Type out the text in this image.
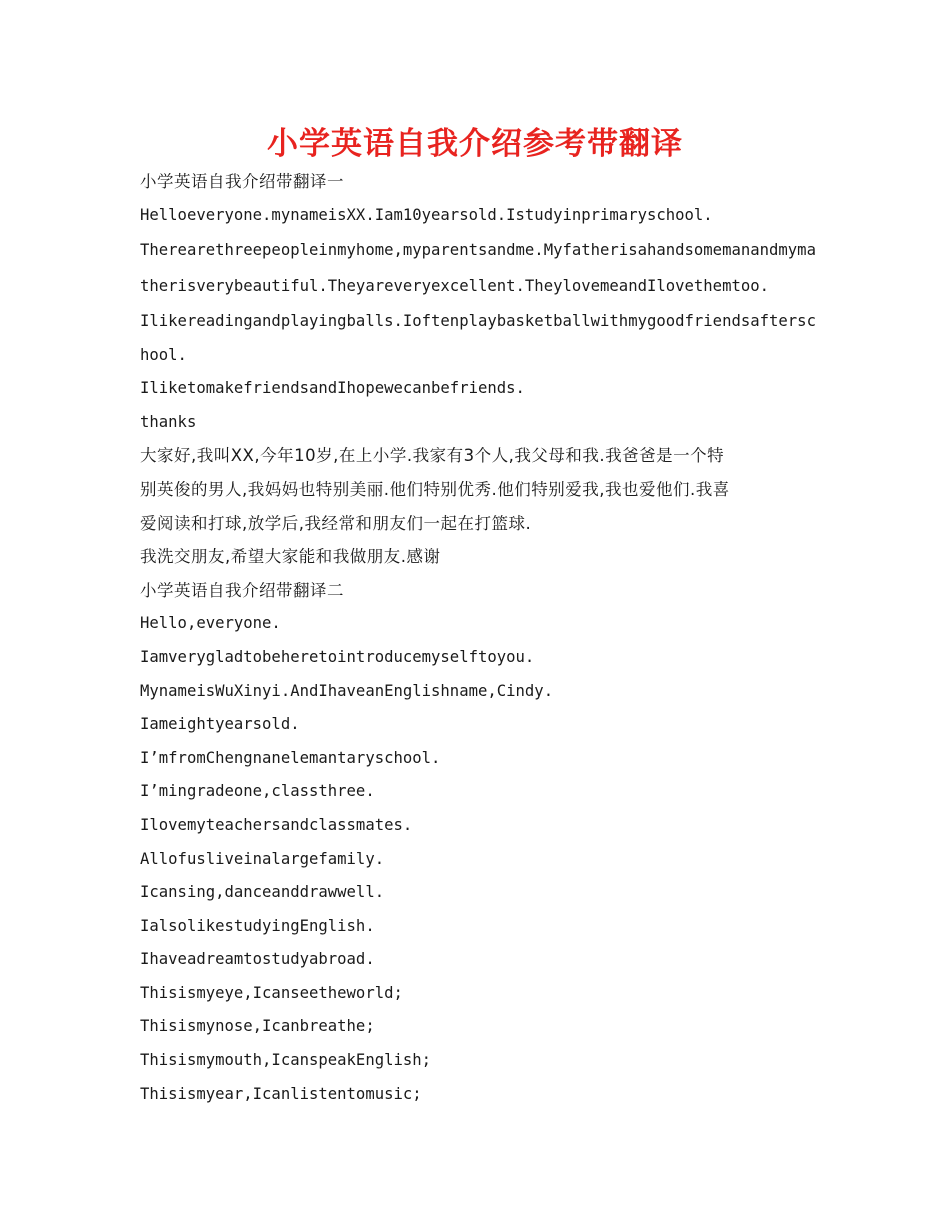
小学英语自我介绍参考带翻译
小学英语自我介绍带翻译一
Helloeveryone.mynameisXX.Iam10yearsold.Istudyinprimaryschool.
Therearethreepeopleinmyhome,myparentsandme.Myfatherisahandsomemanandmyma
therisverybeautiful.Theyareveryexcellent.TheylovemeandIlovethemtoo.
Ilikereadingandplayingballs.Ioftenplaybasketballwithmygoodfriendsaftersc
hool.
IliketomakefriendsandIhopewecanbefriends.
thanks
大家好,我叫XX,今年10岁,在上小学.我家有3个人,我父母和我.我爸爸是一个特
别英俊的男人,我妈妈也特别美丽.他们特别优秀.他们特别爱我,我也爱他们.我喜
爱阅读和打球,放学后,我经常和朋友们一起在打篮球.
我洗交朋友,希望大家能和我做朋友.感谢
小学英语自我介绍带翻译二
Hello,everyone.
Iamverygladtobeheretointroducemyselftoyou.
MynameisWuXinyi.AndIhaveanEnglishname,Cindy.
Iameightyearsold.
I’mfromChengnanelemantaryschool.
I’mingradeone,classthree.
Ilovemyteachersandclassmates.
Allofusliveinalargefamily.
Icansing,danceanddrawwell.
IalsolikestudyingEnglish.
Ihaveadreamtostudyabroad.
Thisismyeye,Icanseetheworld;
Thisismynose,Icanbreathe;
Thisismymouth,IcanspeakEnglish;
Thisismyear,Icanlistentomusic;
